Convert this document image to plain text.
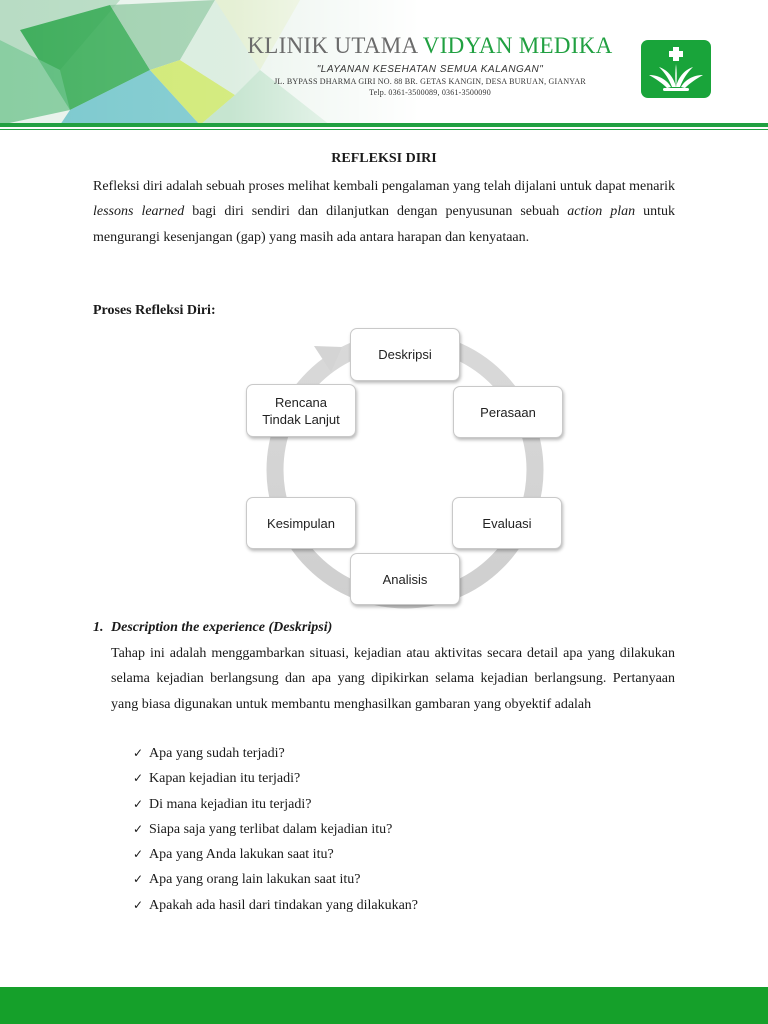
KLINIK UTAMA VIDYAN MEDIKA
"LAYANAN KESEHATAN SEMUA KALANGAN"
JL. BYPASS DHARMA GIRI NO. 88 BR. GETAS KANGIN, DESA BURUAN, GIANYAR
Telp. 0361-3500089, 0361-3500090
REFLEKSI DIRI

Refleksi diri adalah sebuah proses melihat kembali pengalaman yang telah dijalani untuk dapat menarik lessons learned bagi diri sendiri dan dilanjutkan dengan penyusunan sebuah action plan untuk mengurangi kesenjangan (gap) yang masih ada antara harapan dan kenyataan.

Proses Refleksi Diri:
Deskripsi
Perasaan
Evaluasi
Analisis
Kesimpulan
Rencana
Tindak Lanjut
1. Description the experience (Deskripsi)

Tahap ini adalah menggambarkan situasi, kejadian atau aktivitas secara detail apa yang dilakukan selama kejadian berlangsung dan apa yang dipikirkan selama kejadian berlangsung. Pertanyaan yang biasa digunakan untuk membantu menghasilkan gambaran yang obyektif adalah

✓ Apa yang sudah terjadi?
✓ Kapan kejadian itu terjadi?
✓ Di mana kejadian itu terjadi?
✓ Siapa saja yang terlibat dalam kejadian itu?
✓ Apa yang Anda lakukan saat itu?
✓ Apa yang orang lain lakukan saat itu?
✓ Apakah ada hasil dari tindakan yang dilakukan?
